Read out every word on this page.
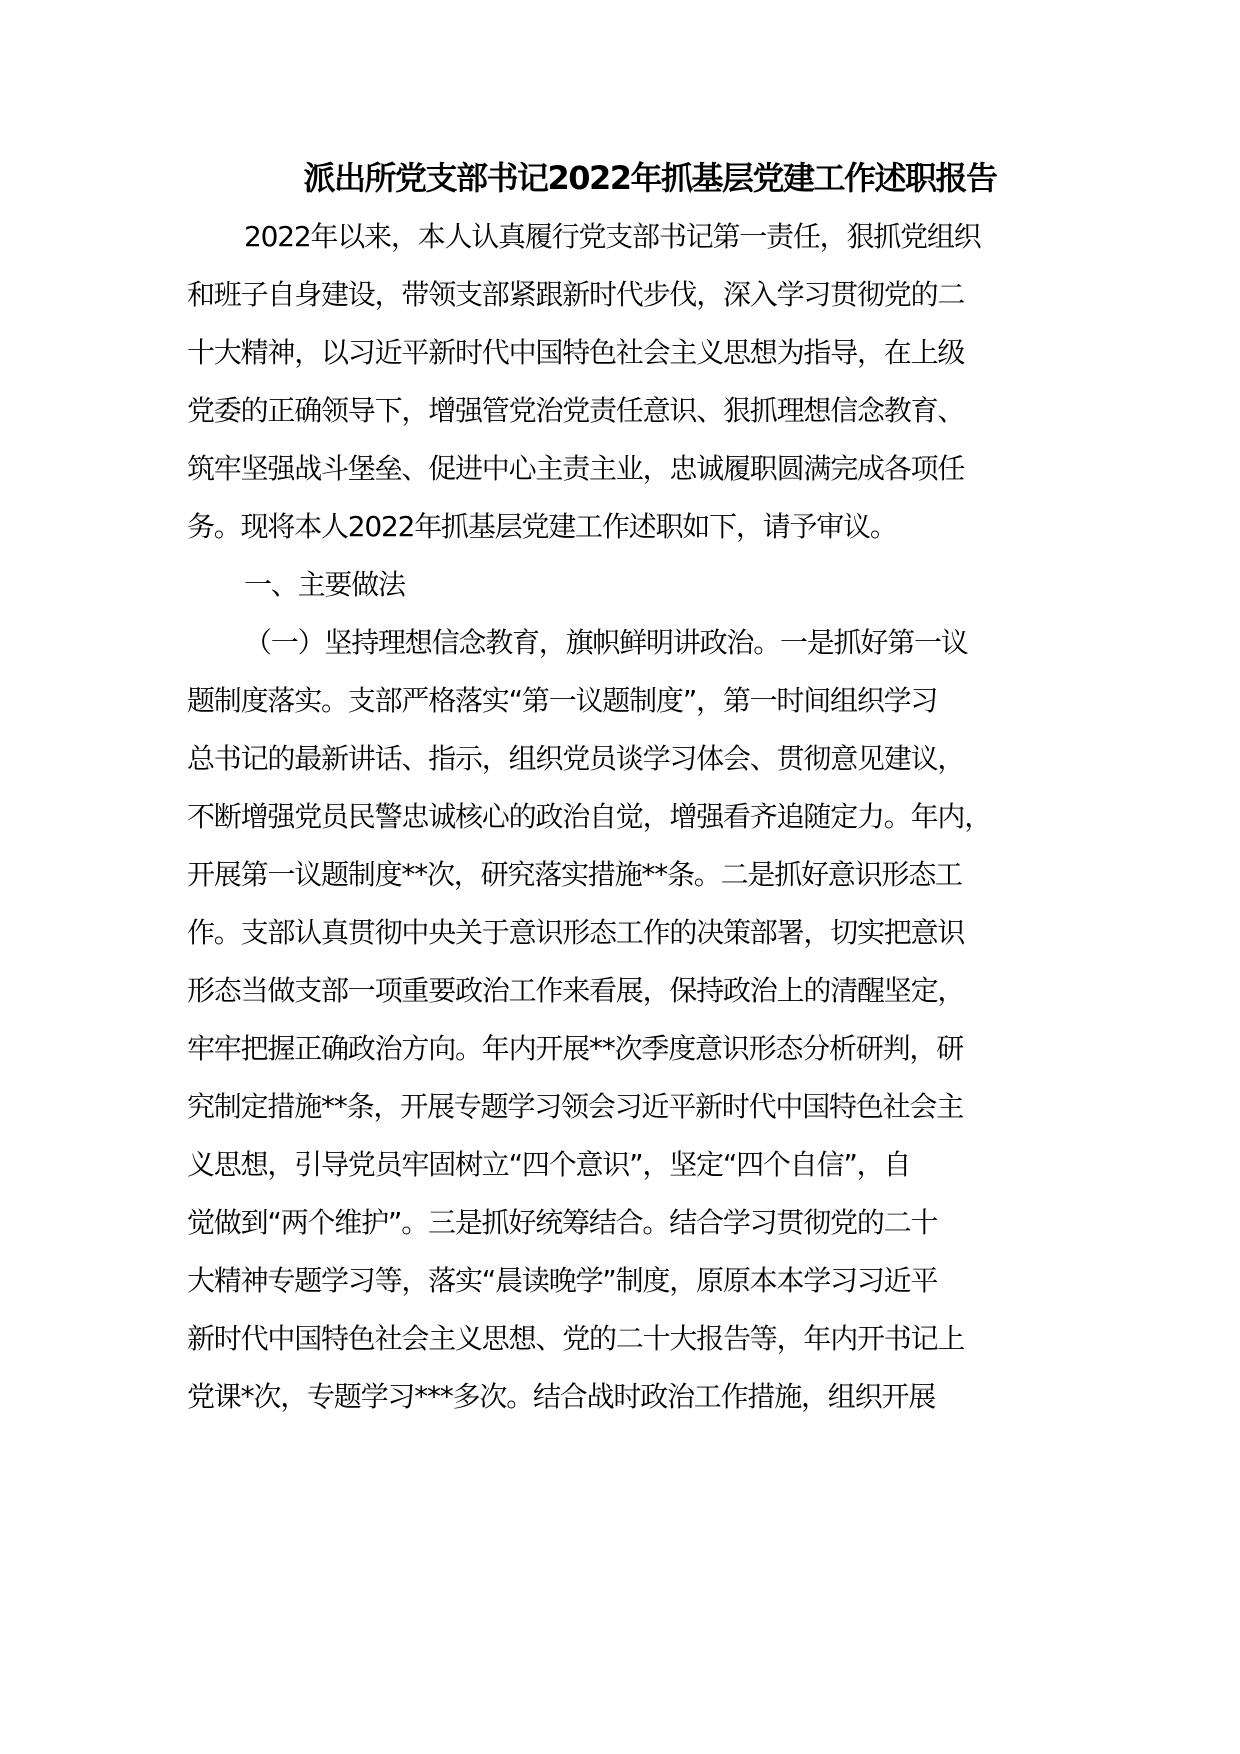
派出所党支部书记2022年抓基层党建工作述职报告
2022年以来，本人认真履行党支部书记第一责任，狠抓党组织
和班子自身建设，带领支部紧跟新时代步伐，深入学习贯彻党的二
十大精神，以习近平新时代中国特色社会主义思想为指导，在上级
党委的正确领导下，增强管党治党责任意识、狠抓理想信念教育、
筑牢坚强战斗堡垒、促进中心主责主业，忠诚履职圆满完成各项任
务。现将本人2022年抓基层党建工作述职如下，请予审议。
一、主要做法
（一）坚持理想信念教育，旗帜鲜明讲政治。一是抓好第一议
题制度落实。支部严格落实“第一议题制度”，第一时间组织学习
总书记的最新讲话、指示，组织党员谈学习体会、贯彻意见建议，
不断增强党员民警忠诚核心的政治自觉，增强看齐追随定力。年内，
开展第一议题制度**次，研究落实措施**条。二是抓好意识形态工
作。支部认真贯彻中央关于意识形态工作的决策部署，切实把意识
形态当做支部一项重要政治工作来看展，保持政治上的清醒坚定，
牢牢把握正确政治方向。年内开展**次季度意识形态分析研判，研
究制定措施**条，开展专题学习领会习近平新时代中国特色社会主
义思想，引导党员牢固树立“四个意识”，坚定“四个自信”，自
觉做到“两个维护”。三是抓好统筹结合。结合学习贯彻党的二十
大精神专题学习等，落实“晨读晚学”制度，原原本本学习习近平
新时代中国特色社会主义思想、党的二十大报告等，年内开书记上
党课*次，专题学习***多次。结合战时政治工作措施，组织开展
